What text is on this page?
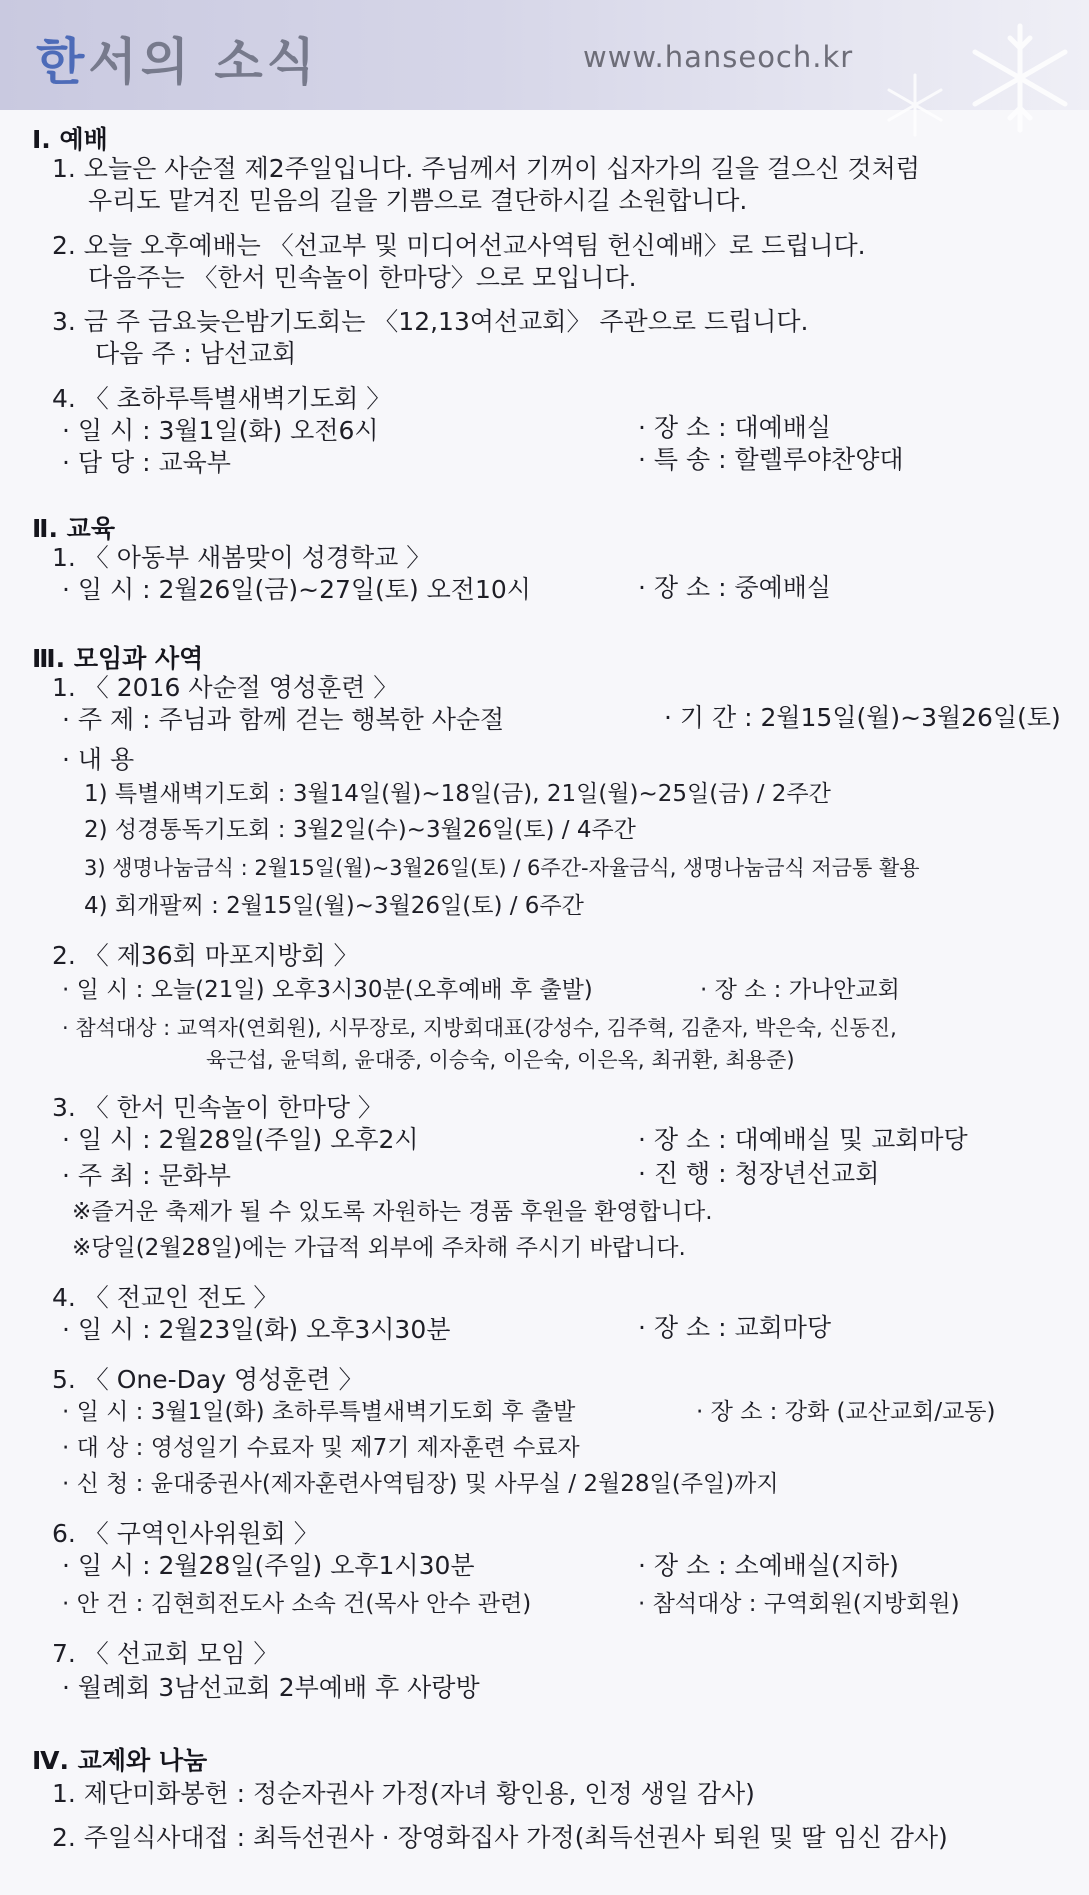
한서의 소식	www.hanseoch.kr
Ⅰ. 예배
1. 오늘은 사순절 제2주일입니다. 주님께서 기꺼이 십자가의 길을 걸으신 것처럼
우리도 맡겨진 믿음의 길을 기쁨으로 결단하시길 소원합니다.
2. 오늘 오후예배는 〈선교부 및 미디어선교사역팀 헌신예배〉로 드립니다.
다음주는 〈한서 민속놀이 한마당〉으로 모입니다.
3. 금 주 금요늦은밤기도회는 〈12,13여선교회〉 주관으로 드립니다.
다음 주 : 남선교회
4. 〈 초하루특별새벽기도회 〉
· 일 시 : 3월1일(화) 오전6시	· 장 소 : 대예배실
· 담 당 : 교육부	· 특 송 : 할렐루야찬양대
Ⅱ. 교육
1. 〈 아동부 새봄맞이 성경학교 〉
· 일 시 : 2월26일(금)~27일(토) 오전10시	· 장 소 : 중예배실
Ⅲ. 모임과 사역
1. 〈 2016 사순절 영성훈련 〉
· 주 제 : 주님과 함께 걷는 행복한 사순절	· 기 간 : 2월15일(월)~3월26일(토)
· 내 용
1) 특별새벽기도회 : 3월14일(월)~18일(금), 21일(월)~25일(금) / 2주간
2) 성경통독기도회 : 3월2일(수)~3월26일(토) / 4주간
3) 생명나눔금식 : 2월15일(월)~3월26일(토) / 6주간-자율금식, 생명나눔금식 저금통 활용
4) 회개팔찌 : 2월15일(월)~3월26일(토) / 6주간
2. 〈 제36회 마포지방회 〉
· 일 시 : 오늘(21일) 오후3시30분(오후예배 후 출발)	· 장 소 : 가나안교회
· 참석대상 : 교역자(연회원), 시무장로, 지방회대표(강성수, 김주혁, 김춘자, 박은숙, 신동진,
육근섭, 윤덕희, 윤대중, 이승숙, 이은숙, 이은옥, 최귀환, 최용준)
3. 〈 한서 민속놀이 한마당 〉
· 일 시 : 2월28일(주일) 오후2시	· 장 소 : 대예배실 및 교회마당
· 주 최 : 문화부	· 진 행 : 청장년선교회
※즐거운 축제가 될 수 있도록 자원하는 경품 후원을 환영합니다.
※당일(2월28일)에는 가급적 외부에 주차해 주시기 바랍니다.
4. 〈 전교인 전도 〉
· 일 시 : 2월23일(화) 오후3시30분	· 장 소 : 교회마당
5. 〈 One-Day 영성훈련 〉
· 일 시 : 3월1일(화) 초하루특별새벽기도회 후 출발	· 장 소 : 강화 (교산교회/교동)
· 대 상 : 영성일기 수료자 및 제7기 제자훈련 수료자
· 신 청 : 윤대중권사(제자훈련사역팀장) 및 사무실 / 2월28일(주일)까지
6. 〈 구역인사위원회 〉
· 일 시 : 2월28일(주일) 오후1시30분	· 장 소 : 소예배실(지하)
· 안 건 : 김현희전도사 소속 건(목사 안수 관련)	· 참석대상 : 구역회원(지방회원)
7. 〈 선교회 모임 〉
· 월례회 3남선교회 2부예배 후 사랑방
Ⅳ. 교제와 나눔
1. 제단미화봉헌 : 정순자권사 가정(자녀 황인용, 인정 생일 감사)
2. 주일식사대접 : 최득선권사 · 장영화집사 가정(최득선권사 퇴원 및 딸 임신 감사)
